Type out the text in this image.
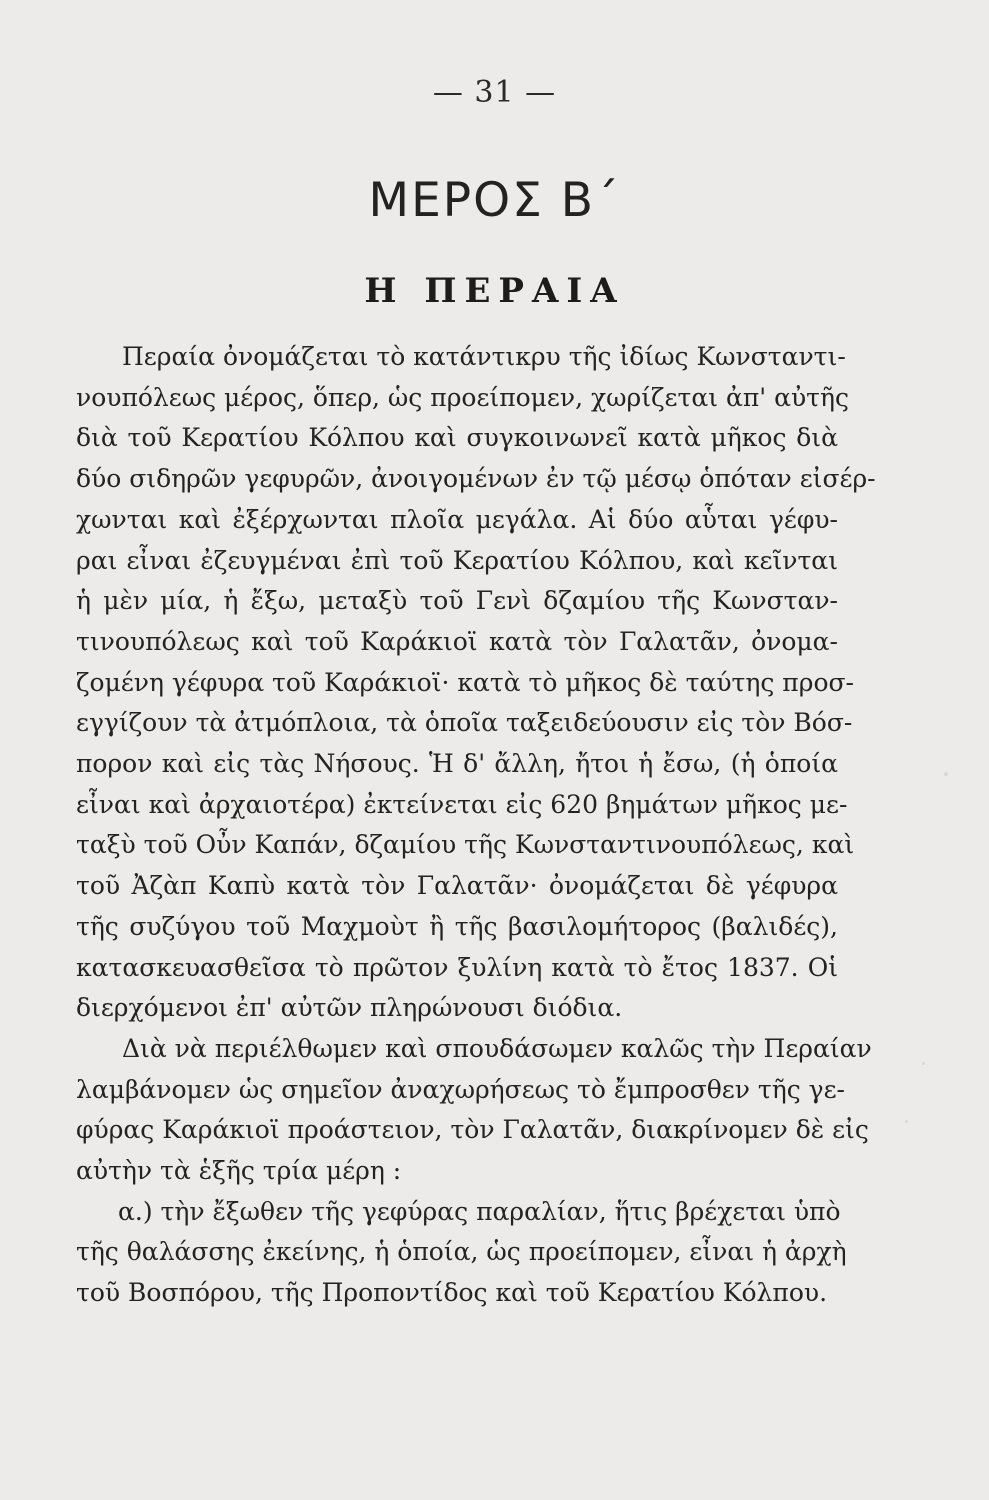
— 31 —
ΜΕΡΟΣ Β΄
Η ΠΕΡΑΙΑ
Περαία ὀνομάζεται τὸ κατάντικρυ τῆς ἰδίως Κωνσταντι-
νουπόλεως μέρος, ὅπερ, ὡς προείπομεν, χωρίζεται ἀπ' αὐτῆς
διὰ τοῦ Κερατίου Κόλπου καὶ συγκοινωνεῖ κατὰ μῆκος διὰ
δύο σιδηρῶν γεφυρῶν, ἀνοιγομένων ἐν τῷ μέσῳ ὁπόταν εἰσέρ-
χωνται καὶ ἐξέρχωνται πλοῖα μεγάλα. Αἱ δύο αὗται γέφυ-
ραι εἶναι ἐζευγμέναι ἐπὶ τοῦ Κερατίου Κόλπου, καὶ κεῖνται
ἡ μὲν μία, ἡ ἔξω, μεταξὺ τοῦ Γενὶ δζαμίου τῆς Κωνσταν-
τινουπόλεως καὶ τοῦ Καράκιοϊ κατὰ τὸν Γαλατᾶν, ὀνομα-
ζομένη γέφυρα τοῦ Καράκιοϊ· κατὰ τὸ μῆκος δὲ ταύτης προσ-
εγγίζουν τὰ ἀτμόπλοια, τὰ ὁποῖα ταξειδεύουσιν εἰς τὸν Βόσ-
πορον καὶ εἰς τὰς Νήσους. Ἡ δ' ἄλλη, ἤτοι ἡ ἔσω, (ἡ ὁποία
εἶναι καὶ ἀρχαιοτέρα) ἐκτείνεται εἰς 620 βημάτων μῆκος με-
ταξὺ τοῦ Οὖν Καπάν, δζαμίου τῆς Κωνσταντινουπόλεως, καὶ
τοῦ Ἀζὰπ Καπὺ κατὰ τὸν Γαλατᾶν· ὀνομάζεται δὲ γέφυρα
τῆς συζύγου τοῦ Μαχμοὺτ ἢ τῆς βασιλομήτορος (βαλιδές),
κατασκευασθεῖσα τὸ πρῶτον ξυλίνη κατὰ τὸ ἔτος 1837. Οἱ
διερχόμενοι ἐπ' αὐτῶν πληρώνουσι διόδια.
Διὰ νὰ περιέλθωμεν καὶ σπουδάσωμεν καλῶς τὴν Περαίαν
λαμβάνομεν ὡς σημεῖον ἀναχωρήσεως τὸ ἔμπροσθεν τῆς γε-
φύρας Καράκιοϊ προάστειον, τὸν Γαλατᾶν, διακρίνομεν δὲ εἰς
αὐτὴν τὰ ἑξῆς τρία μέρη :
α.) τὴν ἔξωθεν τῆς γεφύρας παραλίαν, ἥτις βρέχεται ὑπὸ
τῆς θαλάσσης ἐκείνης, ἡ ὁποία, ὡς προείπομεν, εἶναι ἡ ἀρχὴ
τοῦ Βοσπόρου, τῆς Προποντίδος καὶ τοῦ Κερατίου Κόλπου.
